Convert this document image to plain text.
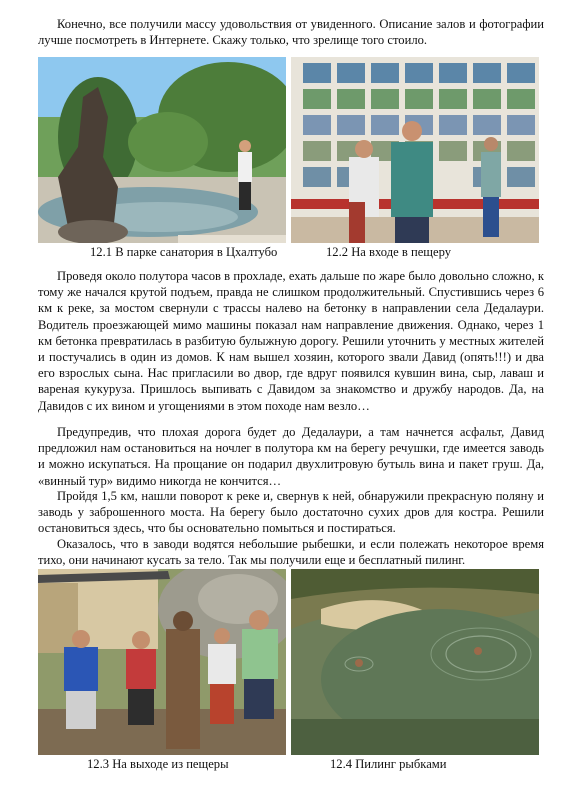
Конечно, все получили массу удовольствия от увиденного. Описание залов и фотографии лучше посмотреть в Интернете. Скажу только, что зрелище того стоило.

12.1 В парке санатория в Цхалтубо	12.2 На входе в пещеру

Проведя около полутора часов в прохладе, ехать дальше по жаре было довольно сложно, к тому же начался крутой подъем, правда не слишком продолжительный. Спустившись через 6 км к реке, за мостом свернули с трассы налево на бетонку в направлении села Дедалаури. Водитель проезжающей мимо машины показал нам направление движения. Однако, через 1 км бетонка превратилась в разбитую булыжную дорогу. Решили уточнить у местных жителей и постучались в один из домов. К нам вышел хозяин, которого звали Давид (опять!!!) и два его взрослых сына. Нас пригласили во двор, где вдруг появился кувшин вина, сыр, лаваш и вареная кукуруза. Пришлось выпивать с Давидом за знакомство и дружбу народов. Да, на Давидов с их вином и угощениями в этом походе нам везло…

Предупредив, что плохая дорога будет до Дедалаури, а там начнется асфальт, Давид предложил нам остановиться на ночлег в полутора км на берегу речушки, где имеется заводь и можно искупаться. На прощание он подарил двухлитровую бутыль вина и пакет груш. Да, «винный тур» видимо никогда не кончится…

Пройдя 1,5 км, нашли поворот к реке и, свернув к ней, обнаружили прекрасную поляну и заводь у заброшенного моста. На берегу было достаточно сухих дров для костра. Решили остановиться здесь, что бы основательно помыться и постираться.

Оказалось, что в заводи водятся небольшие рыбешки, и если полежать некоторое время тихо, они начинают кусать за тело. Так мы получили еще и бесплатный пилинг.

12.3 На выходе из пещеры	12.4 Пилинг рыбками
